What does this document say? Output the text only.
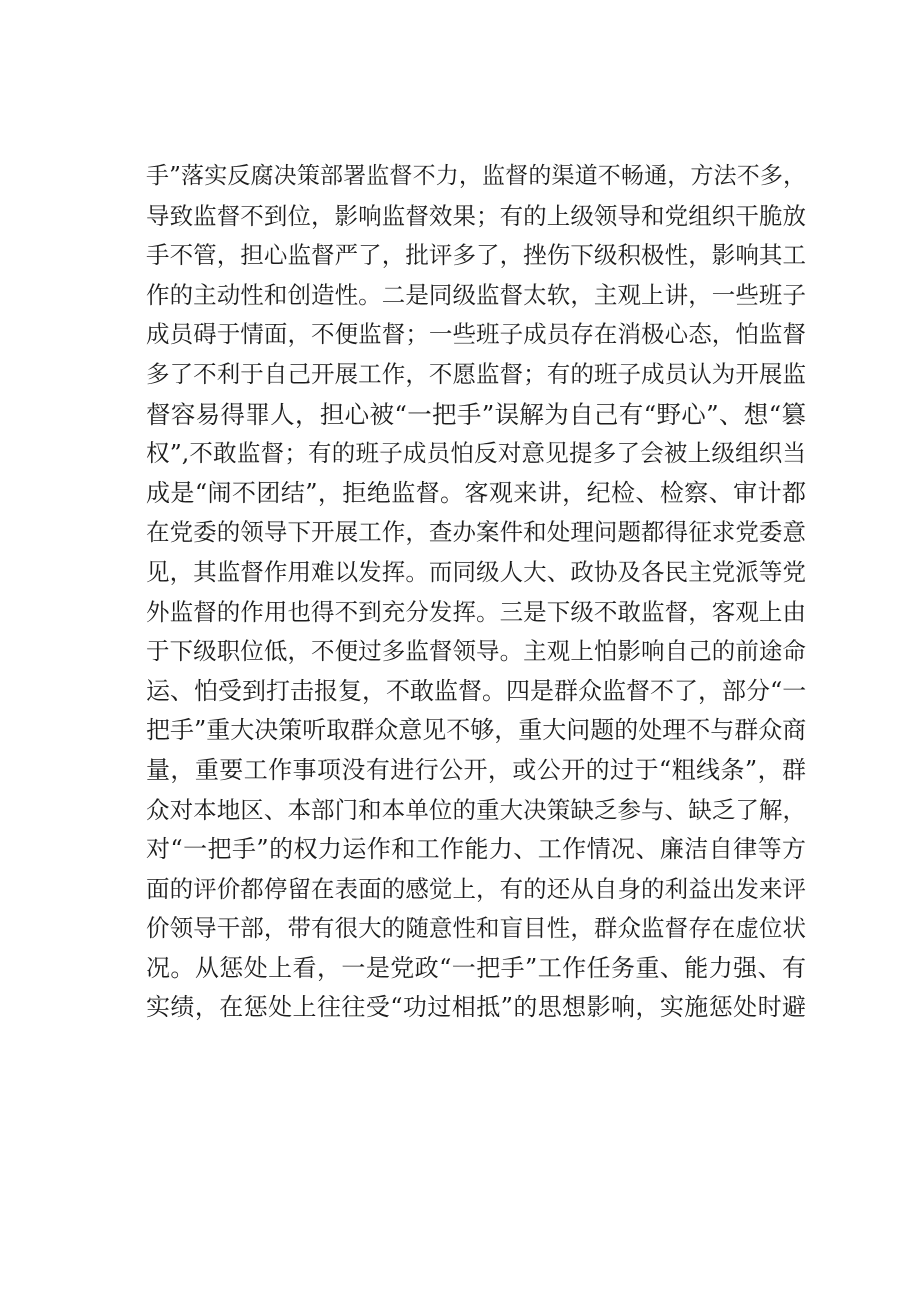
手”落实反腐决策部署监督不力，监督的渠道不畅通，方法不多，
导致监督不到位，影响监督效果；有的上级领导和党组织干脆放
手不管，担心监督严了，批评多了，挫伤下级积极性，影响其工
作的主动性和创造性。二是同级监督太软，主观上讲，一些班子
成员碍于情面，不便监督；一些班子成员存在消极心态，怕监督
多了不利于自己开展工作，不愿监督；有的班子成员认为开展监
督容易得罪人，担心被“一把手”误解为自己有“野心”、想“篡
权”,不敢监督；有的班子成员怕反对意见提多了会被上级组织当
成是“闹不团结”，拒绝监督。客观来讲，纪检、检察、审计都
在党委的领导下开展工作，查办案件和处理问题都得征求党委意
见，其监督作用难以发挥。而同级人大、政协及各民主党派等党
外监督的作用也得不到充分发挥。三是下级不敢监督，客观上由
于下级职位低，不便过多监督领导。主观上怕影响自己的前途命
运、怕受到打击报复，不敢监督。四是群众监督不了，部分“一
把手”重大决策听取群众意见不够，重大问题的处理不与群众商
量，重要工作事项没有进行公开，或公开的过于“粗线条”，群
众对本地区、本部门和本单位的重大决策缺乏参与、缺乏了解，
对“一把手”的权力运作和工作能力、工作情况、廉洁自律等方
面的评价都停留在表面的感觉上，有的还从自身的利益出发来评
价领导干部，带有很大的随意性和盲目性，群众监督存在虚位状
况。从惩处上看，一是党政“一把手”工作任务重、能力强、有
实绩，在惩处上往往受“功过相抵”的思想影响，实施惩处时避
